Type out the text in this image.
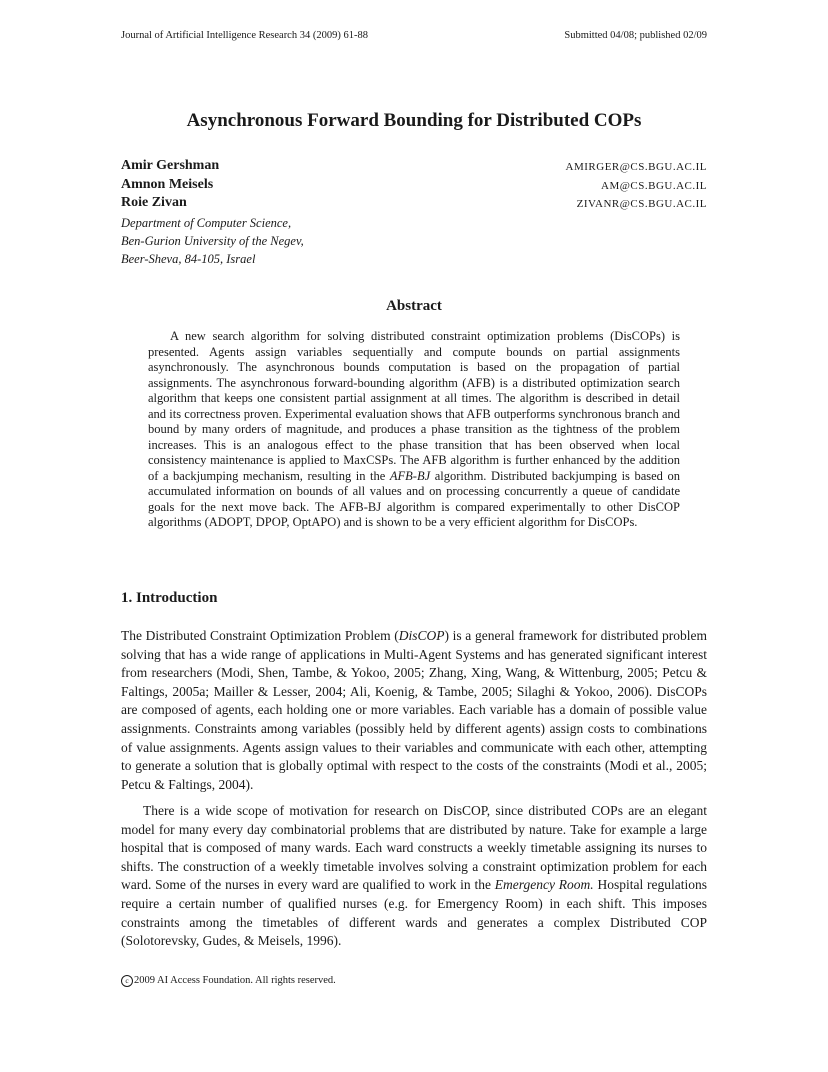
Journal of Artificial Intelligence Research 34 (2009) 61-88	Submitted 04/08; published 02/09
Asynchronous Forward Bounding for Distributed COPs
Amir Gershman	AMIRGER@CS.BGU.AC.IL
Amnon Meisels	AM@CS.BGU.AC.IL
Roie Zivan	ZIVANR@CS.BGU.AC.IL
Department of Computer Science,
Ben-Gurion University of the Negev,
Beer-Sheva, 84-105, Israel
Abstract
A new search algorithm for solving distributed constraint optimization problems (DisCOPs) is presented. Agents assign variables sequentially and compute bounds on partial assignments asynchronously. The asynchronous bounds computation is based on the propagation of partial assignments. The asynchronous forward-bounding algorithm (AFB) is a distributed optimization search algorithm that keeps one consistent partial assignment at all times. The algorithm is described in detail and its correctness proven. Experimental evaluation shows that AFB outperforms synchronous branch and bound by many orders of magnitude, and produces a phase transition as the tightness of the problem increases. This is an analogous effect to the phase transition that has been observed when local consistency maintenance is applied to MaxCSPs. The AFB algorithm is further enhanced by the addition of a backjumping mechanism, resulting in the AFB-BJ algorithm. Distributed backjumping is based on accumulated information on bounds of all values and on processing concurrently a queue of candidate goals for the next move back. The AFB-BJ algorithm is compared experimentally to other DisCOP algorithms (ADOPT, DPOP, OptAPO) and is shown to be a very efficient algorithm for DisCOPs.
1. Introduction

The Distributed Constraint Optimization Problem (DisCOP) is a general framework for distributed problem solving that has a wide range of applications in Multi-Agent Systems and has generated significant interest from researchers (Modi, Shen, Tambe, & Yokoo, 2005; Zhang, Xing, Wang, & Wittenburg, 2005; Petcu & Faltings, 2005a; Mailler & Lesser, 2004; Ali, Koenig, & Tambe, 2005; Silaghi & Yokoo, 2006). DisCOPs are composed of agents, each holding one or more variables. Each variable has a domain of possible value assignments. Constraints among variables (possibly held by different agents) assign costs to combinations of value assignments. Agents assign values to their variables and communicate with each other, attempting to generate a solution that is globally optimal with respect to the costs of the constraints (Modi et al., 2005; Petcu & Faltings, 2004).

There is a wide scope of motivation for research on DisCOP, since distributed COPs are an elegant model for many every day combinatorial problems that are distributed by nature. Take for example a large hospital that is composed of many wards. Each ward constructs a weekly timetable assigning its nurses to shifts. The construction of a weekly timetable involves solving a constraint optimization problem for each ward. Some of the nurses in every ward are qualified to work in the Emergency Room. Hospital regulations require a certain number of qualified nurses (e.g. for Emergency Room) in each shift. This imposes constraints among the timetables of different wards and generates a complex Distributed COP (Solotorevsky, Gudes, & Meisels, 1996).

c 2009 AI Access Foundation. All rights reserved.
